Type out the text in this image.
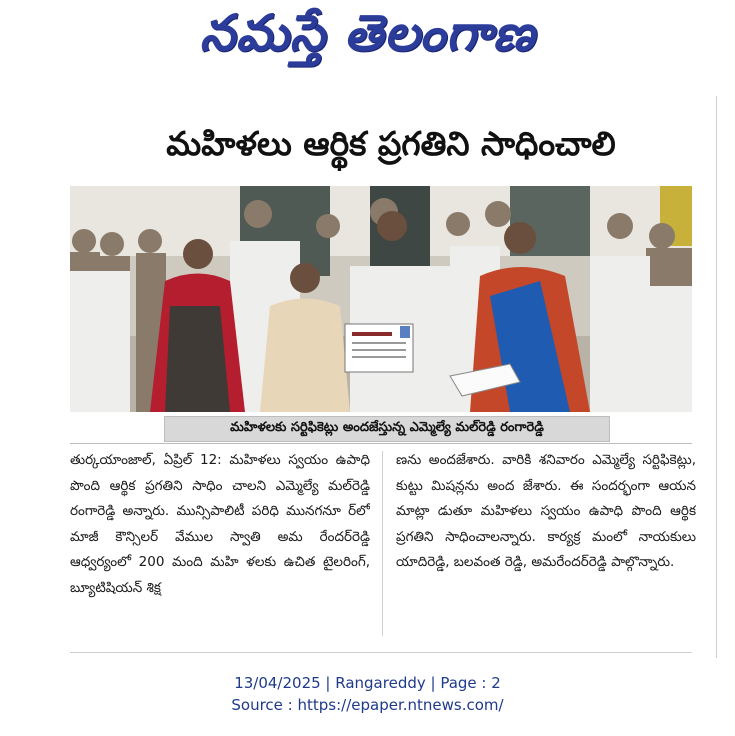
నమస్తే తెలంగాణ
మహిళలు ఆర్థిక ప్రగతిని సాధించాలి
మహిళలకు సర్టిఫికెట్లు అందజేస్తున్న ఎమ్మెల్యే మల్‌రెడ్డి రంగారెడ్డి
తుర్కయాంజాల్‌, ఏప్రిల్‌ 12: మహిళలు స్వయం ఉపాధి పొంది ఆర్థిక ప్రగతిని సాధిం చాలని ఎమ్మెల్యే మల్‌రెడ్డి రంగారెడ్డి అన్నారు. మున్సిపాలిటీ పరిధి మునగనూ ర్‌లో మాజీ కౌన్సిలర్‌ వేముల స్వాతి అమ రేందర్‌రెడ్డి ఆధ్వర్యంలో 200 మంది మహి ళలకు ఉచిత టైలరింగ్‌, బ్యూటిషియన్‌ శిక్ష
ణను అందజేశారు. వారికి శనివారం ఎమ్మెల్యే సర్టిఫికెట్లు, కుట్టు మిషన్లను అంద జేశారు. ఈ సందర్భంగా ఆయన మాట్లా డుతూ మహిళలు స్వయం ఉపాధి పొంది ఆర్థిక ప్రగతిని సాధించాలన్నారు. కార్యక్ర మంలో నాయకులు యాదిరెడ్డి, బలవంత రెడ్డి, అమరేందర్‌రెడ్డి పాల్గొన్నారు.
13/04/2025 | Rangareddy | Page : 2
Source : https://epaper.ntnews.com/
